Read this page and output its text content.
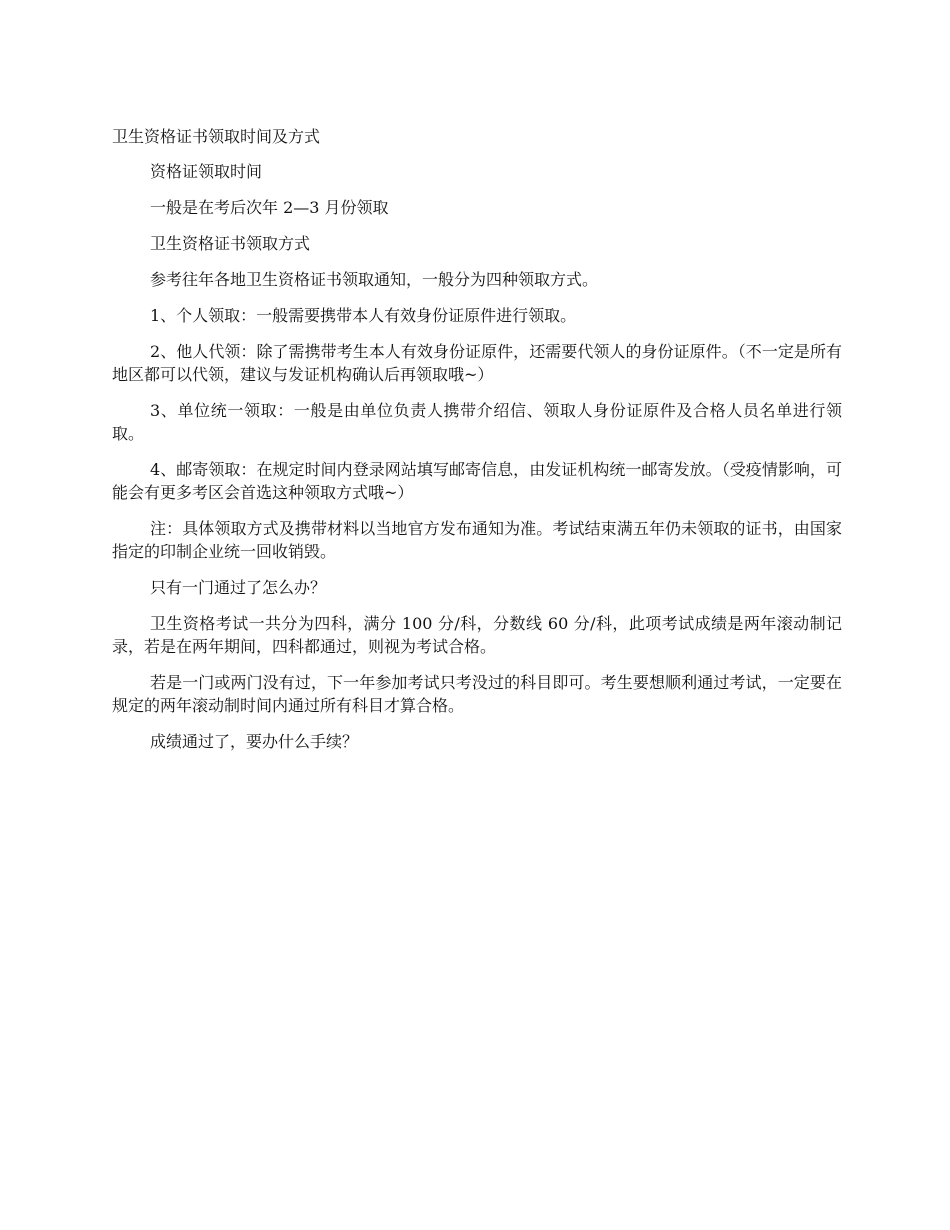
卫生资格证书领取时间及方式

资格证领取时间

一般是在考后次年 2—3 月份领取

卫生资格证书领取方式

参考往年各地卫生资格证书领取通知，一般分为四种领取方式。

1、个人领取：一般需要携带本人有效身份证原件进行领取。

2、他人代领：除了需携带考生本人有效身份证原件，还需要代领人的身份证原件。（不一定是所有地区都可以代领，建议与发证机构确认后再领取哦~）

3、单位统一领取：一般是由单位负责人携带介绍信、领取人身份证原件及合格人员名单进行领取。

4、邮寄领取：在规定时间内登录网站填写邮寄信息，由发证机构统一邮寄发放。（受疫情影响，可能会有更多考区会首选这种领取方式哦~）

注：具体领取方式及携带材料以当地官方发布通知为准。考试结束满五年仍未领取的证书，由国家指定的印制企业统一回收销毁。

只有一门通过了怎么办？

卫生资格考试一共分为四科，满分 100 分/科，分数线 60 分/科，此项考试成绩是两年滚动制记录，若是在两年期间，四科都通过，则视为考试合格。

若是一门或两门没有过，下一年参加考试只考没过的科目即可。考生要想顺利通过考试，一定要在规定的两年滚动制时间内通过所有科目才算合格。

成绩通过了，要办什么手续？
